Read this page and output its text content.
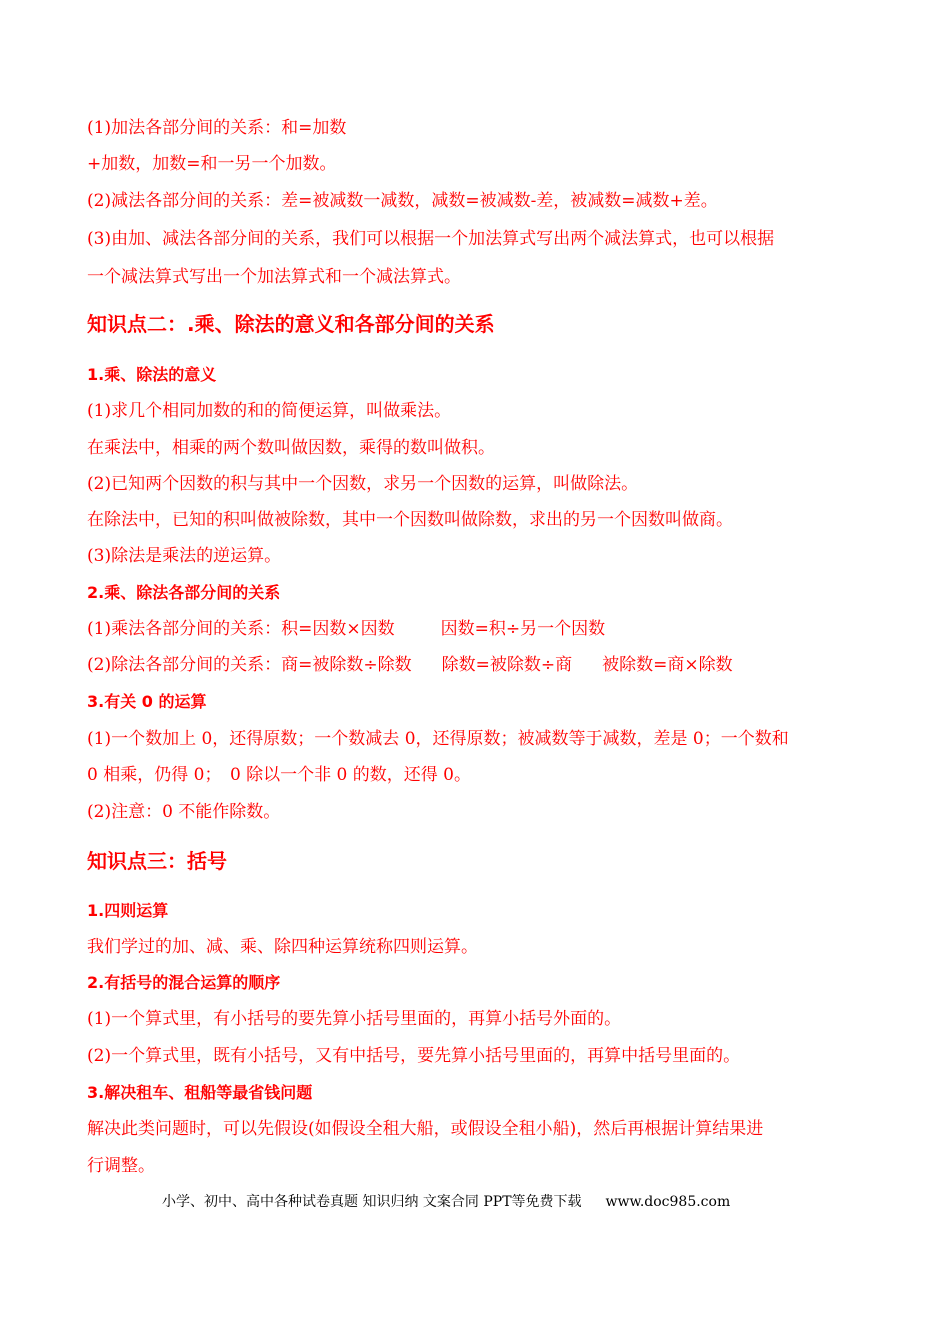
(1)加法各部分间的关系：和=加数
+加数，加数=和一另一个加数。
(2)减法各部分间的关系：差=被减数一减数，减数=被减数-差，被减数=减数+差。
(3)由加、减法各部分间的关系，我们可以根据一个加法算式写出两个减法算式，也可以根据
一个减法算式写出一个加法算式和一个减法算式。
知识点二：.乘、除法的意义和各部分间的关系
1.乘、除法的意义
(1)求几个相同加数的和的简便运算，叫做乘法。
在乘法中，相乘的两个数叫做因数，乘得的数叫做积。
(2)已知两个因数的积与其中一个因数，求另一个因数的运算，叫做除法。
在除法中，已知的积叫做被除数，其中一个因数叫做除数，求出的另一个因数叫做商。
(3)除法是乘法的逆运算。
2.乘、除法各部分间的关系
(1)乘法各部分间的关系：积=因数×因数	因数=积÷另一个因数
(2)除法各部分间的关系：商=被除数÷除数 除数=被除数÷商 被除数=商×除数
3.有关 0 的运算
(1)一个数加上 0，还得原数；一个数减去 0，还得原数；被减数等于减数，差是 0；一个数和
0 相乘，仍得 0；　0 除以一个非 0 的数，还得 0。
(2)注意：0 不能作除数。
知识点三：括号
1.四则运算
我们学过的加、减、乘、除四种运算统称四则运算。
2.有括号的混合运算的顺序
(1)一个算式里，有小括号的要先算小括号里面的，再算小括号外面的。
(2)一个算式里，既有小括号，又有中括号，要先算小括号里面的，再算中括号里面的。
3.解决租车、租船等最省钱问题
解决此类问题时，可以先假设(如假设全租大船，或假设全租小船)，然后再根据计算结果进
行调整。
小学、初中、高中各种试卷真题 知识归纳 文案合同 PPT等免费下载 www.doc985.com
